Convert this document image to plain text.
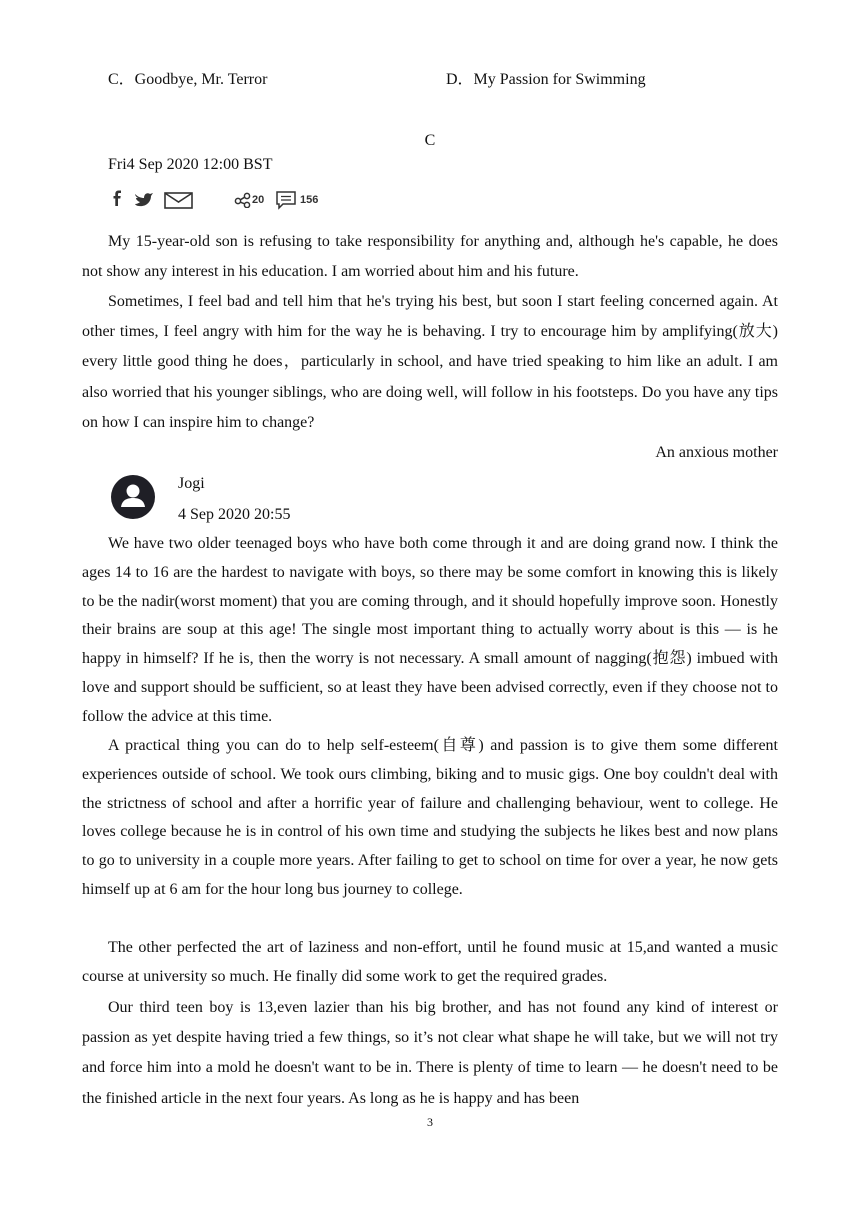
C．Goodbye, Mr. Terror	D．My Passion for Swimming
C
Fri4 Sep 2020 12:00 BST
20	156

My 15-year-old son is refusing to take responsibility for anything and, although he's capable, he does not show any interest in his education. I am worried about him and his future.

Sometimes, I feel bad and tell him that he's trying his best, but soon I start feeling concerned again. At other times, I feel angry with him for the way he is behaving. I try to encourage him by amplifying(放大) every little good thing he does，particularly in school, and have tried speaking to him like an adult. I am also worried that his younger siblings, who are doing well, will follow in his footsteps. Do you have any tips on how I can inspire him to change?

An anxious mother
Jogi
4 Sep 2020 20:55

We have two older teenaged boys who have both come through it and are doing grand now. I think the ages 14 to 16 are the hardest to navigate with boys, so there may be some comfort in knowing this is likely to be the nadir(worst moment) that you are coming through, and it should hopefully improve soon. Honestly their brains are soup at this age! The single most important thing to actually worry about is this — is he happy in himself? If he is, then the worry is not necessary. A small amount of nagging(抱怨) imbued with love and support should be sufficient, so at least they have been advised correctly, even if they choose not to follow the advice at this time.

A practical thing you can do to help self-esteem(自尊) and passion is to give them some different experiences outside of school. We took ours climbing, biking and to music gigs. One boy couldn't deal with the strictness of school and after a horrific year of failure and challenging behaviour, went to college. He loves college because he is in control of his own time and studying the subjects he likes best and now plans to go to university in a couple more years. After failing to get to school on time for over a year, he now gets himself up at 6 am for the hour long bus journey to college.

The other perfected the art of laziness and non-effort, until he found music at 15,and wanted a music course at university so much. He finally did some work to get the required grades.

Our third teen boy is 13,even lazier than his big brother, and has not found any kind of interest or passion as yet despite having tried a few things, so it’s not clear what shape he will take, but we will not try and force him into a mold he doesn't want to be in. There is plenty of time to learn — he doesn't need to be the finished article in the next four years. As long as he is happy and has been

3
